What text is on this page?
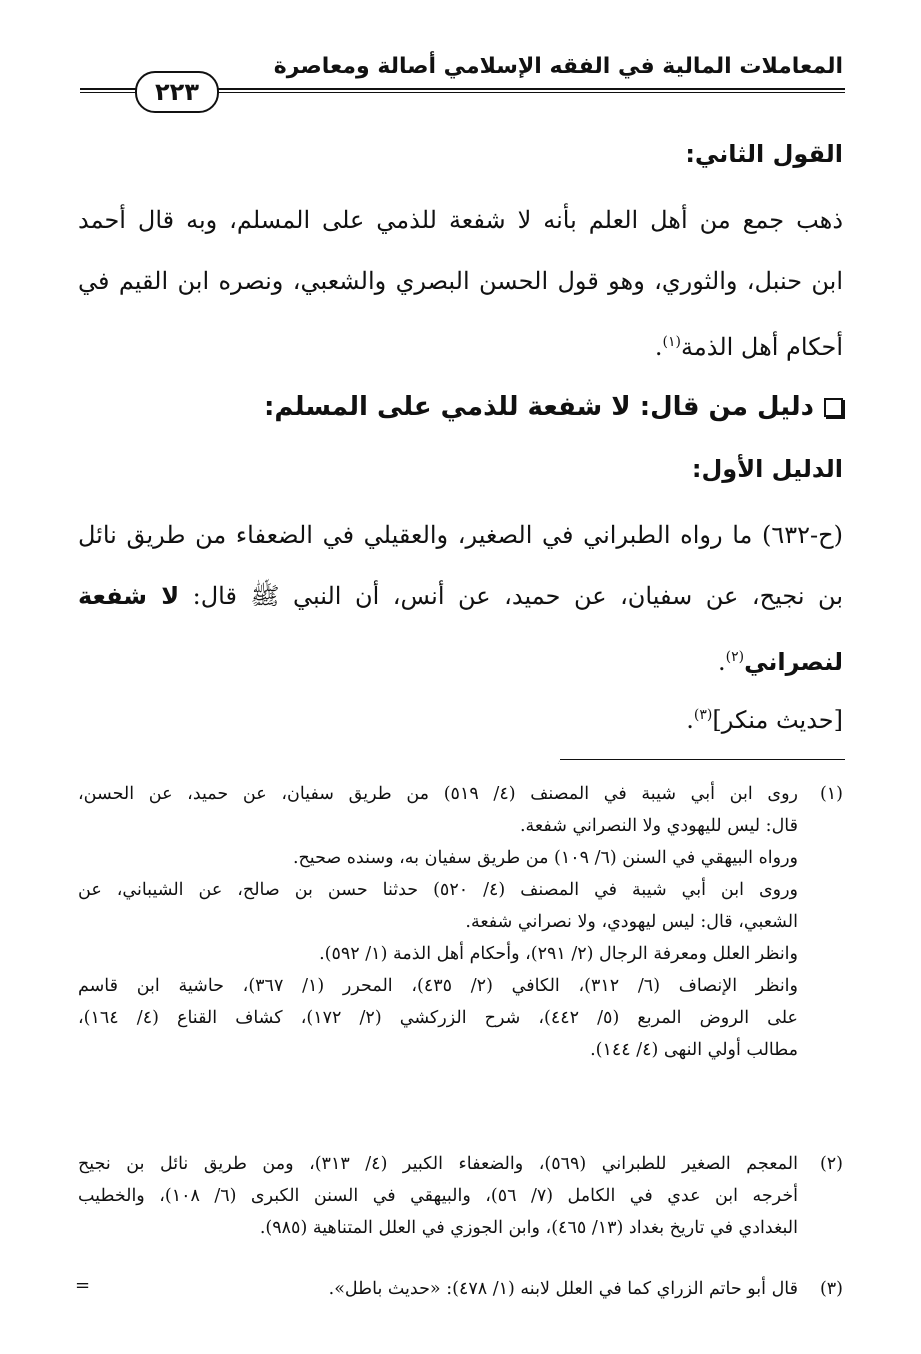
المعاملات المالية في الفقه الإسلامي أصالة ومعاصرة
٢٢٣
القول الثاني:
ذهب جمع من أهل العلم بأنه لا شفعة للذمي على المسلم، وبه قال أحمد
ابن حنبل، والثوري، وهو قول الحسن البصري والشعبي، ونصره ابن القيم في
أحكام أهل الذمة$^{(١)}$.
دليل من قال: لا شفعة للذمي على المسلم:
الدليل الأول:
(ح-٦٣٢) ما رواه الطبراني في الصغير، والعقيلي في الضعفاء من طريق نائل
بن نجيح، عن سفيان، عن حميد، عن أنس، أن النبي ﷺ قال: لا شفعة
لنصراني$^{(٢)}$.
[حديث منكر]$^{(٣)}$.
(١)
روى ابن أبي شيبة في المصنف (٤/ ٥١٩) من طريق سفيان، عن حميد، عن الحسن،
قال: ليس لليهودي ولا النصراني شفعة.
ورواه البيهقي في السنن (٦/ ١٠٩) من طريق سفيان به، وسنده صحيح.
وروى ابن أبي شيبة في المصنف (٤/ ٥٢٠) حدثنا حسن بن صالح، عن الشيباني، عن
الشعبي، قال: ليس ليهودي، ولا نصراني شفعة.
وانظر العلل ومعرفة الرجال (٢/ ٢٩١)، وأحكام أهل الذمة (١/ ٥٩٢).
وانظر الإنصاف (٦/ ٣١٢)، الكافي (٢/ ٤٣٥)، المحرر (١/ ٣٦٧)، حاشية ابن قاسم
على الروض المربع (٥/ ٤٤٢)، شرح الزركشي (٢/ ١٧٢)، كشاف القناع (٤/ ١٦٤)،
مطالب أولي النهى (٤/ ١٤٤).
(٢)
المعجم الصغير للطبراني (٥٦٩)، والضعفاء الكبير (٤/ ٣١٣)، ومن طريق نائل بن نجيح
أخرجه ابن عدي في الكامل (٧/ ٥٦)، والبيهقي في السنن الكبرى (٦/ ١٠٨)، والخطيب
البغدادي في تاريخ بغداد (١٣/ ٤٦٥)، وابن الجوزي في العلل المتناهية (٩٨٥).
(٣)
قال أبو حاتم الزراي كما في العلل لابنه (١/ ٤٧٨): «حديث باطل».
=
